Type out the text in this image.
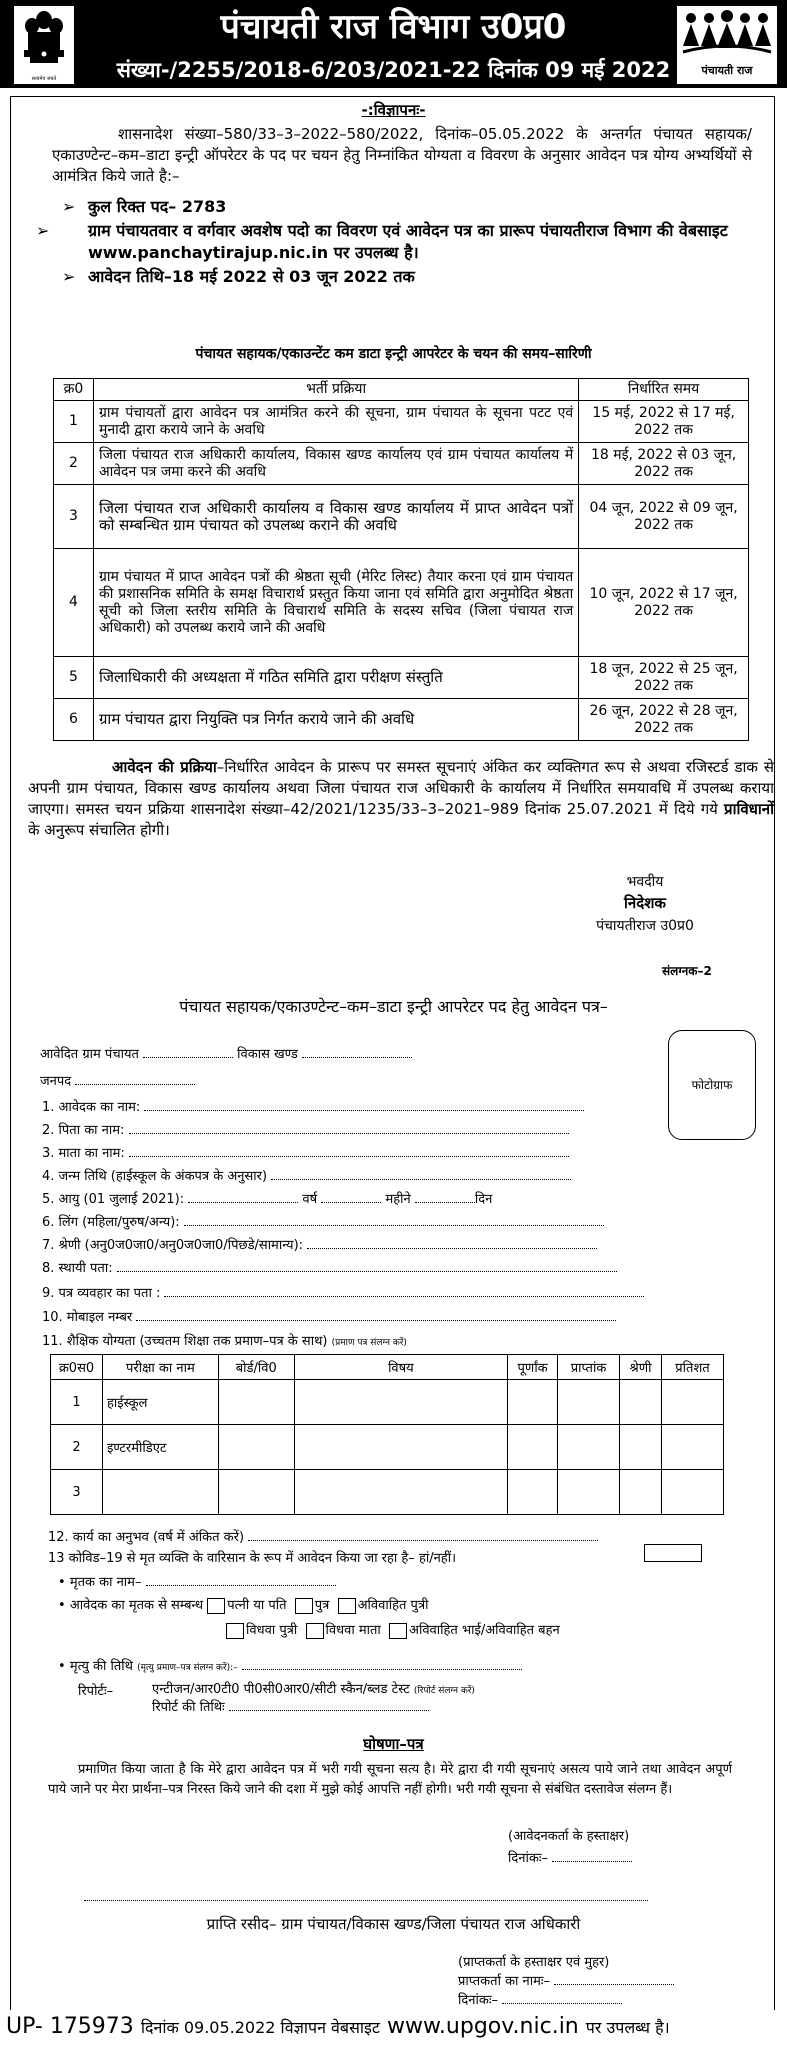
सत्यमेव जयते
पंचायती राज विभाग उ0प्र0
संख्या-/2255/2018-6/203/2021-22 दिनांक 09 मई 2022	पंचायती राज
-:विज्ञापनः-

शासनादेश संख्या–580/33–3–2022–580/2022, दिनांक–05.05.2022 के अन्तर्गत पंचायत सहायक/एकाउण्टेन्ट–कम–डाटा इन्ट्री ऑपरेटर के पद पर चयन हेतु निम्नांकित योग्यता व विवरण के अनुसार आवेदन पत्र योग्य अभ्यर्थियों से आमंत्रित किये जाते है:–

➢ कुल रिक्त पद– 2783
➢ ग्राम पंचायतवार व वर्गवार अवशेष पदो का विवरण एवं आवेदन पत्र का प्रारूप पंचायतीराज विभाग की वेबसाइट www.panchaytirajup.nic.in पर उपलब्ध है।
➢ आवेदन तिथि–18 मई 2022 से 03 जून 2022 तक
पंचायत सहायक/एकाउन्टेंट कम डाटा इन्ट्री आपरेटर के चयन की समय–सारिणी
क्र0	भर्ती प्रक्रिया	निर्धारित समय
1	ग्राम पंचायतों द्वारा आवेदन पत्र आमंत्रित करने की सूचना, ग्राम पंचायत के सूचना पटट एवं मुनादी द्वारा कराये जाने के अवधि	15 मई, 2022 से 17 मई, 2022 तक
2	जिला पंचायत राज अधिकारी कार्यालय, विकास खण्ड कार्यालय एवं ग्राम पंचायत कार्यालय में आवेदन पत्र जमा करने की अवधि	18 मई, 2022 से 03 जून, 2022 तक
3	जिला पंचायत राज अधिकारी कार्यालय व विकास खण्ड कार्यालय में प्राप्त आवेदन पत्रों को सम्बन्धित ग्राम पंचायत को उपलब्ध कराने की अवधि	04 जून, 2022 से 09 जून, 2022 तक
4	ग्राम पंचायत में प्राप्त आवेदन पत्रों की श्रेष्ठता सूची (मेरिट लिस्ट) तैयार करना एवं ग्राम पंचायत की प्रशासनिक समिति के समक्ष विचारार्थ प्रस्तुत किया जाना एवं समिति द्वारा अनुमोदित श्रेष्ठता सूची को जिला स्तरीय समिति के विचारार्थ समिति के सदस्य सचिव (जिला पंचायत राज अधिकारी) को उपलब्ध कराये जाने की अवधि	10 जून, 2022 से 17 जून, 2022 तक
5	जिलाधिकारी की अध्यक्षता में गठित समिति द्वारा परीक्षण संस्तुति	18 जून, 2022 से 25 जून, 2022 तक
6	ग्राम पंचायत द्वारा नियुक्ति पत्र निर्गत कराये जाने की अवधि	26 जून, 2022 से 28 जून, 2022 तक

आवेदन की प्रक्रिया–निर्धारित आवेदन के प्रारूप पर समस्त सूचनाएं अंकित कर व्यक्तिगत रूप से अथवा रजिस्टर्ड डाक से अपनी ग्राम पंचायत, विकास खण्ड कार्यालय अथवा जिला पंचायत राज अधिकारी के कार्यालय में निर्धारित समयावधि में उपलब्ध कराया जाएगा। समस्त चयन प्रक्रिया शासनादेश संख्या–42/2021/1235/33–3–2021–989 दिनांक 25.07.2021 में दिये गये प्राविधानों के अनुरूप संचालित होगी।

भवदीय
निदेशक
पंचायतीराज उ0प्र0
संलग्नक–2
पंचायत सहायक/एकाउण्टेन्ट–कम–डाटा इन्ट्री आपरेटर पद हेतु आवेदन पत्र–
आवेदित ग्राम पंचायत	विकास खण्ड
जनपद	फोटोग्राफ
1. आवेदक का नाम:
2. पिता का नाम:
3. माता का नाम:
4. जन्म तिथि (हाईस्कूल के अंकपत्र के अनुसार)
5. आयु (01 जुलाई 2021):	वर्ष	महीने	दिन
6. लिंग (महिला/पुरुष/अन्य):
7. श्रेणी (अनु0ज0जा0/अनु0ज0जा0/पिछडे/सामान्य):
8. स्थायी पता:
9. पत्र व्यवहार का पता :
10. मोबाइल नम्बर
11. शैक्षिक योग्यता (उच्चतम शिक्षा तक प्रमाण–पत्र के साथ) (प्रमाण पत्र संलग्न करें)
क्र0स0	परीक्षा का नाम	बोर्ड/वि0	विषय	पूर्णांक	प्राप्तांक	श्रेणी	प्रतिशत
1	हाईस्कूल						
2	इण्टरमीडिएट						
3							
12. कार्य का अनुभव (वर्ष में अंकित करें)
13 कोविड–19 से मृत व्यक्ति के वारिसान के रूप में आवेदन किया जा रहा है– हां/नहीं।
• मृतक का नाम–
• आवेदक का मृतक से सम्बन्ध पत्नी या पति पुत्र अविवाहित पुत्री
विधवा पुत्री विधवा माता अविवाहित भाई/अविवाहित बहन
• मृत्यु की तिथि (मृत्यु प्रमाण–पत्र संलग्न करें):–
रिपोर्टः–	एन्टीजन/आर0टी0 पी0सी0आर0/सीटी स्कैन/ब्लड टेस्ट (रिपोर्ट संलग्न करें)
रिपोर्ट की तिथिः
घोषणा–पत्र

प्रमाणित किया जाता है कि मेरे द्वारा आवेदन पत्र में भरी गयी सूचना सत्य है। मेरे द्वारा दी गयी सूचनाएं असत्य पाये जाने तथा आवेदन अपूर्ण पाये जाने पर मेरा प्रार्थना–पत्र निरस्त किये जाने की दशा में मुझे कोई आपत्ति नहीं होगी। भरी गयी सूचना से संबंधित दस्तावेज संलग्न हैं।

(आवेदनकर्ता के हस्ताक्षर)
दिनांकः–
प्राप्ति रसीद– ग्राम पंचायत/विकास खण्ड/जिला पंचायत राज अधिकारी
(प्राप्तकर्ता के हस्ताक्षर एवं मुहर)
प्राप्तकर्ता का नामः–
दिनांकः–
UP- 175973 दिनांक 09.05.2022 विज्ञापन वेबसाइट www.upgov.nic.in पर उपलब्ध है।
